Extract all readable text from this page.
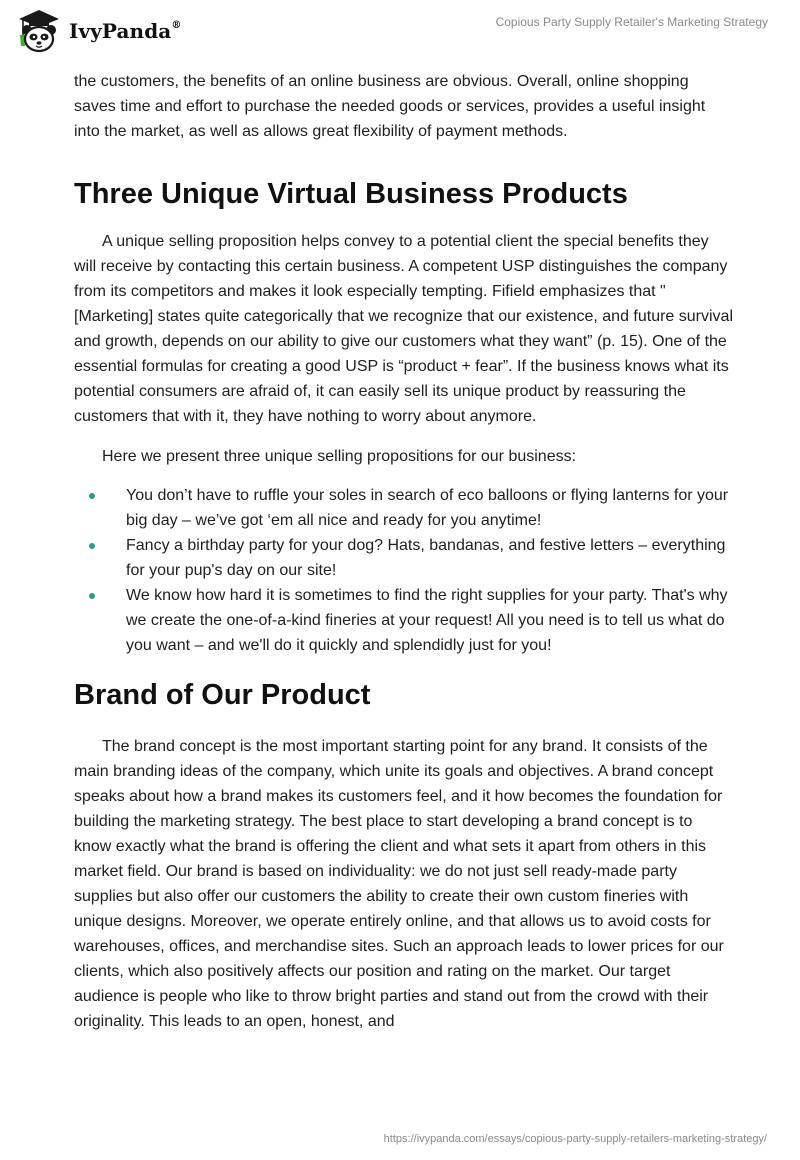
IvyPanda®	Copious Party Supply Retailer's Marketing Strategy

the customers, the benefits of an online business are obvious. Overall, online shopping saves time and effort to purchase the needed goods or services, provides a useful insight into the market, as well as allows great flexibility of payment methods.

Three Unique Virtual Business Products

A unique selling proposition helps convey to a potential client the special benefits they will receive by contacting this certain business. A competent USP distinguishes the company from its competitors and makes it look especially tempting. Fifield emphasizes that "[Marketing] states quite categorically that we recognize that our existence, and future survival and growth, depends on our ability to give our customers what they want” (p. 15). One of the essential formulas for creating a good USP is “product + fear”. If the business knows what its potential consumers are afraid of, it can easily sell its unique product by reassuring the customers that with it, they have nothing to worry about anymore.

Here we present three unique selling propositions for our business:

You don’t have to ruffle your soles in search of eco balloons or flying lanterns for your big day – we’ve got ‘em all nice and ready for you anytime!
Fancy a birthday party for your dog? Hats, bandanas, and festive letters – everything for your pup's day on our site!
We know how hard it is sometimes to find the right supplies for your party. That's why we create the one-of-a-kind fineries at your request! All you need is to tell us what do you want – and we'll do it quickly and splendidly just for you!
Brand of Our Product

The brand concept is the most important starting point for any brand. It consists of the main branding ideas of the company, which unite its goals and objectives. A brand concept speaks about how a brand makes its customers feel, and it how becomes the foundation for building the marketing strategy. The best place to start developing a brand concept is to know exactly what the brand is offering the client and what sets it apart from others in this market field. Our brand is based on individuality: we do not just sell ready-made party supplies but also offer our customers the ability to create their own custom fineries with unique designs. Moreover, we operate entirely online, and that allows us to avoid costs for warehouses, offices, and merchandise sites. Such an approach leads to lower prices for our clients, which also positively affects our position and rating on the market. Our target audience is people who like to throw bright parties and stand out from the crowd with their originality. This leads to an open, honest, and

https://ivypanda.com/essays/copious-party-supply-retailers-marketing-strategy/
